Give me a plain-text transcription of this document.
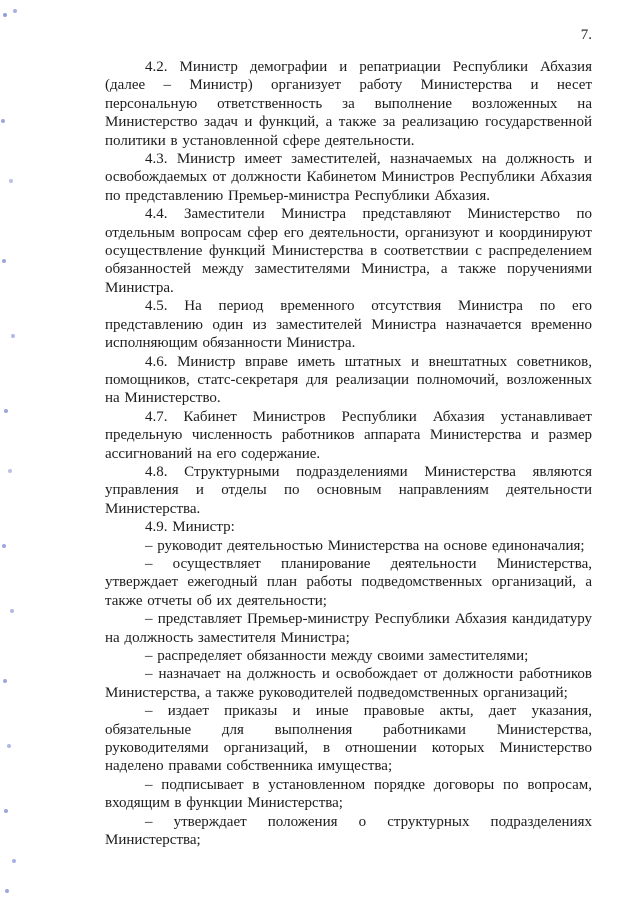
7.

4.2. Министр демографии и репатриации Республики Абхазия (далее – Министр) организует работу Министерства и несет персональную ответственность за выполнение возложенных на Министерство задач и функций, а также за реализацию государственной политики в установленной сфере деятельности.

4.3. Министр имеет заместителей, назначаемых на должность и освобождаемых от должности Кабинетом Министров Республики Абхазия по представлению Премьер-министра Республики Абхазия.

4.4. Заместители Министра представляют Министерство по отдельным вопросам сфер его деятельности, организуют и координируют осуществление функций Министерства в соответствии с распределением обязанностей между заместителями Министра, а также поручениями Министра.

4.5. На период временного отсутствия Министра по его представлению один из заместителей Министра назначается временно исполняющим обязанности Министра.

4.6. Министр вправе иметь штатных и внештатных советников, помощников, статс-секретаря для реализации полномочий, возложенных на Министерство.

4.7. Кабинет Министров Республики Абхазия устанавливает предельную численность работников аппарата Министерства и размер ассигнований на его содержание.

4.8. Структурными подразделениями Министерства являются управления и отделы по основным направлениям деятельности Министерства.

4.9. Министр:

– руководит деятельностью Министерства на основе единоначалия;

– осуществляет планирование деятельности Министерства, утверждает ежегодный план работы подведомственных организаций, а также отчеты об их деятельности;

– представляет Премьер-министру Республики Абхазия кандидатуру на должность заместителя Министра;

– распределяет обязанности между своими заместителями;

– назначает на должность и освобождает от должности работников Министерства, а также руководителей подведомственных организаций;

– издает приказы и иные правовые акты, дает указания, обязательные для выполнения работниками Министерства, руководителями организаций, в отношении которых Министерство наделено правами собственника имущества;

– подписывает в установленном порядке договоры по вопросам, входящим в функции Министерства;

– утверждает положения о структурных подразделениях Министерства;
